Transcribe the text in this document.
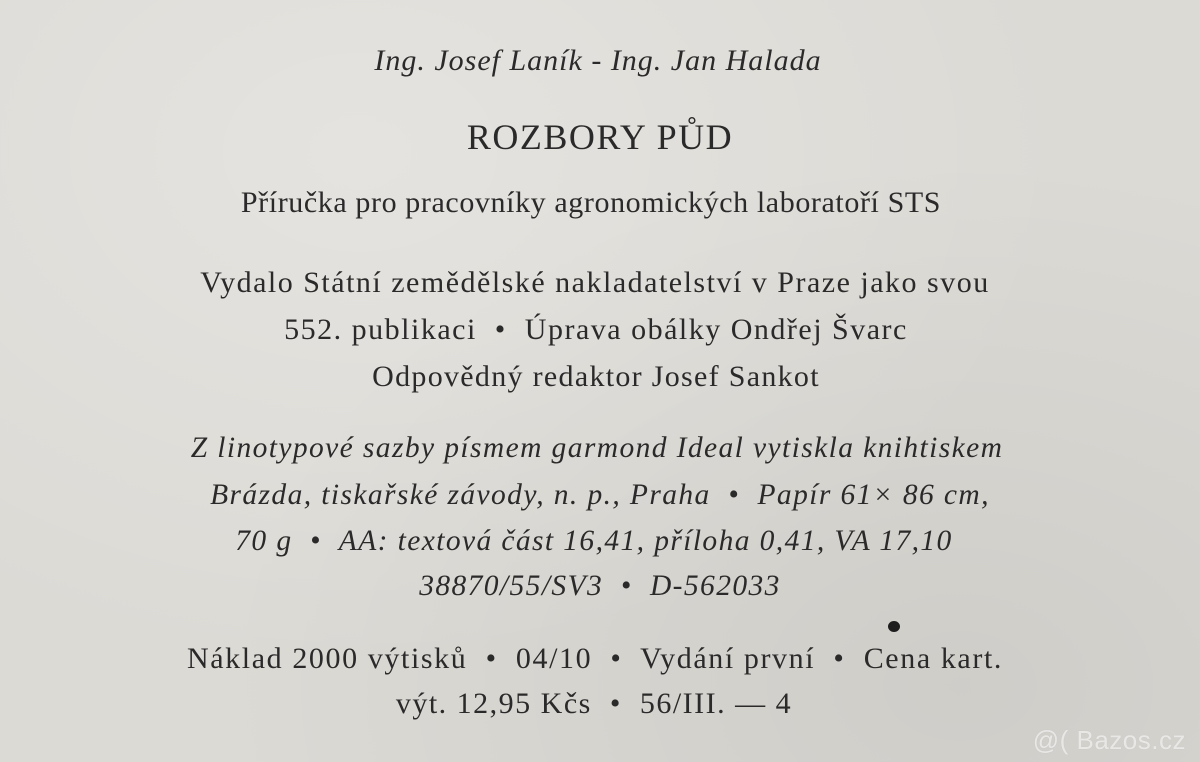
Ing. Josef Laník - Ing. Jan Halada
ROZBORY PŮD
Příručka pro pracovníky agronomických laboratoří STS
Vydalo Státní zemědělské nakladatelství v Praze jako svou
552. publikaci  •  Úprava obálky Ondřej Švarc
Odpovědný redaktor Josef Sankot
Z linotypové sazby písmem garmond Ideal vytiskla knihtiskem
Brázda, tiskařské závody, n. p., Praha  •  Papír 61× 86 cm,
70 g  •  AA: textová část 16,41, příloha 0,41, VA 17,10
38870/55/SV3  •  D-562033
Náklad 2000 výtisků  •  04/10  •  Vydání první  •  Cena kart.
výt. 12,95 Kčs  •  56/III. — 4
@( Bazos.cz
